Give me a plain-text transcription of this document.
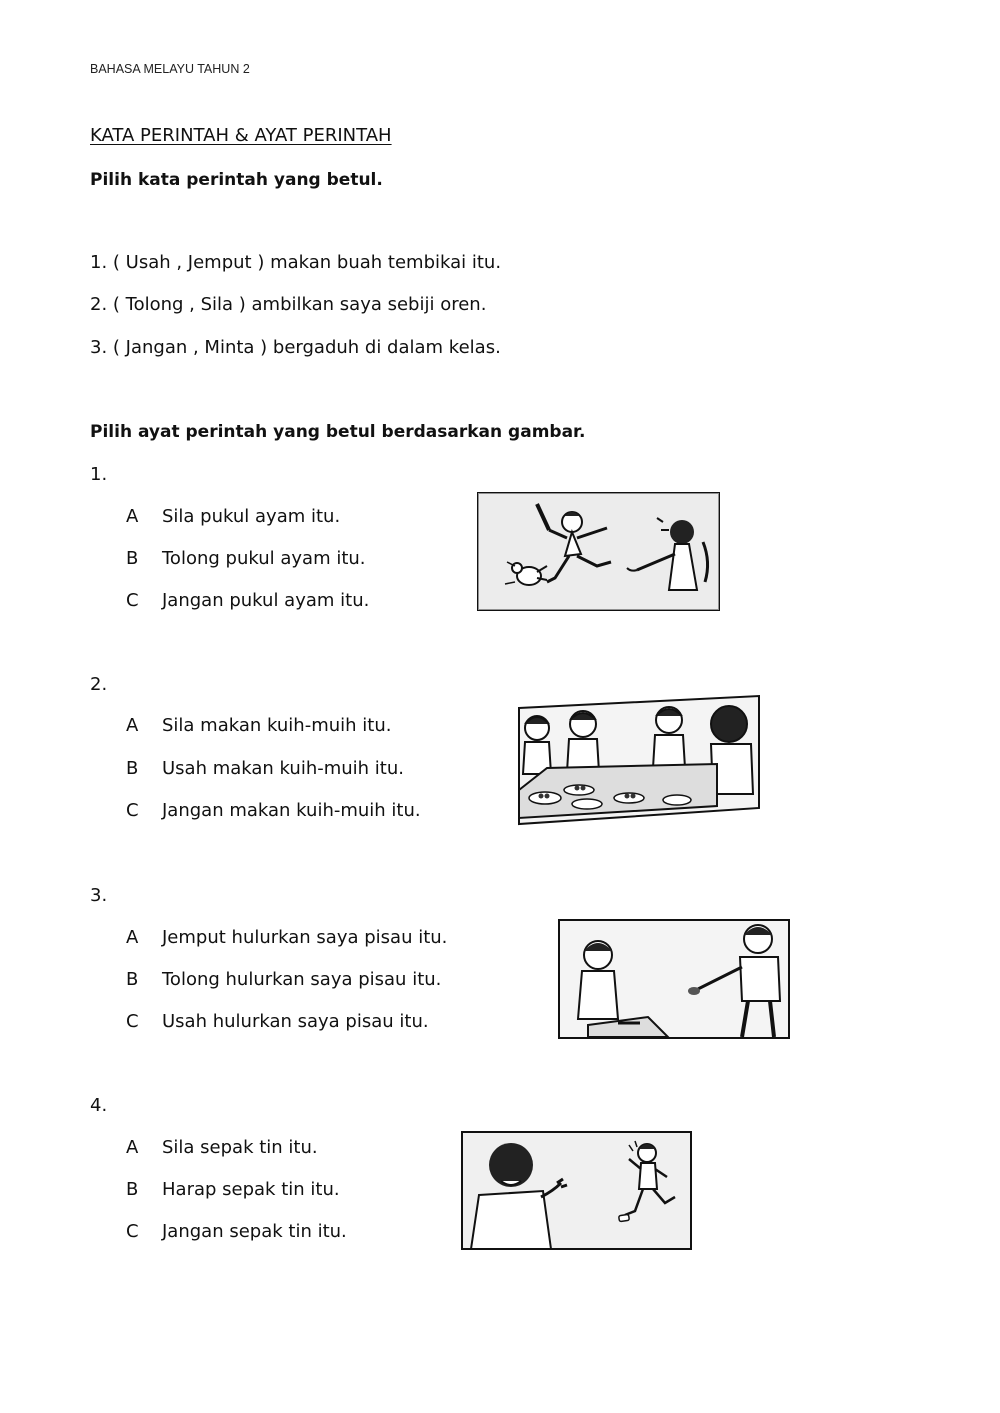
BAHASA MELAYU TAHUN 2
KATA PERINTAH & AYAT PERINTAH
Pilih kata perintah yang betul.
1. ( Usah , Jemput ) makan buah tembikai itu.
2. ( Tolong , Sila ) ambilkan saya sebiji oren.
3. ( Jangan , Minta ) bergaduh di dalam kelas.
Pilih ayat perintah yang betul berdasarkan gambar.
1.
A Sila pukul ayam itu.
B Tolong pukul ayam itu.
C Jangan pukul ayam itu.
2.
A Sila makan kuih-muih itu.
B Usah makan kuih-muih itu.
C Jangan makan kuih-muih itu.
3.
A Jemput hulurkan saya pisau itu.
B Tolong hulurkan saya pisau itu.
C Usah hulurkan saya pisau itu.
4.
A Sila sepak tin itu.
B Harap sepak tin itu.
C Jangan sepak tin itu.
